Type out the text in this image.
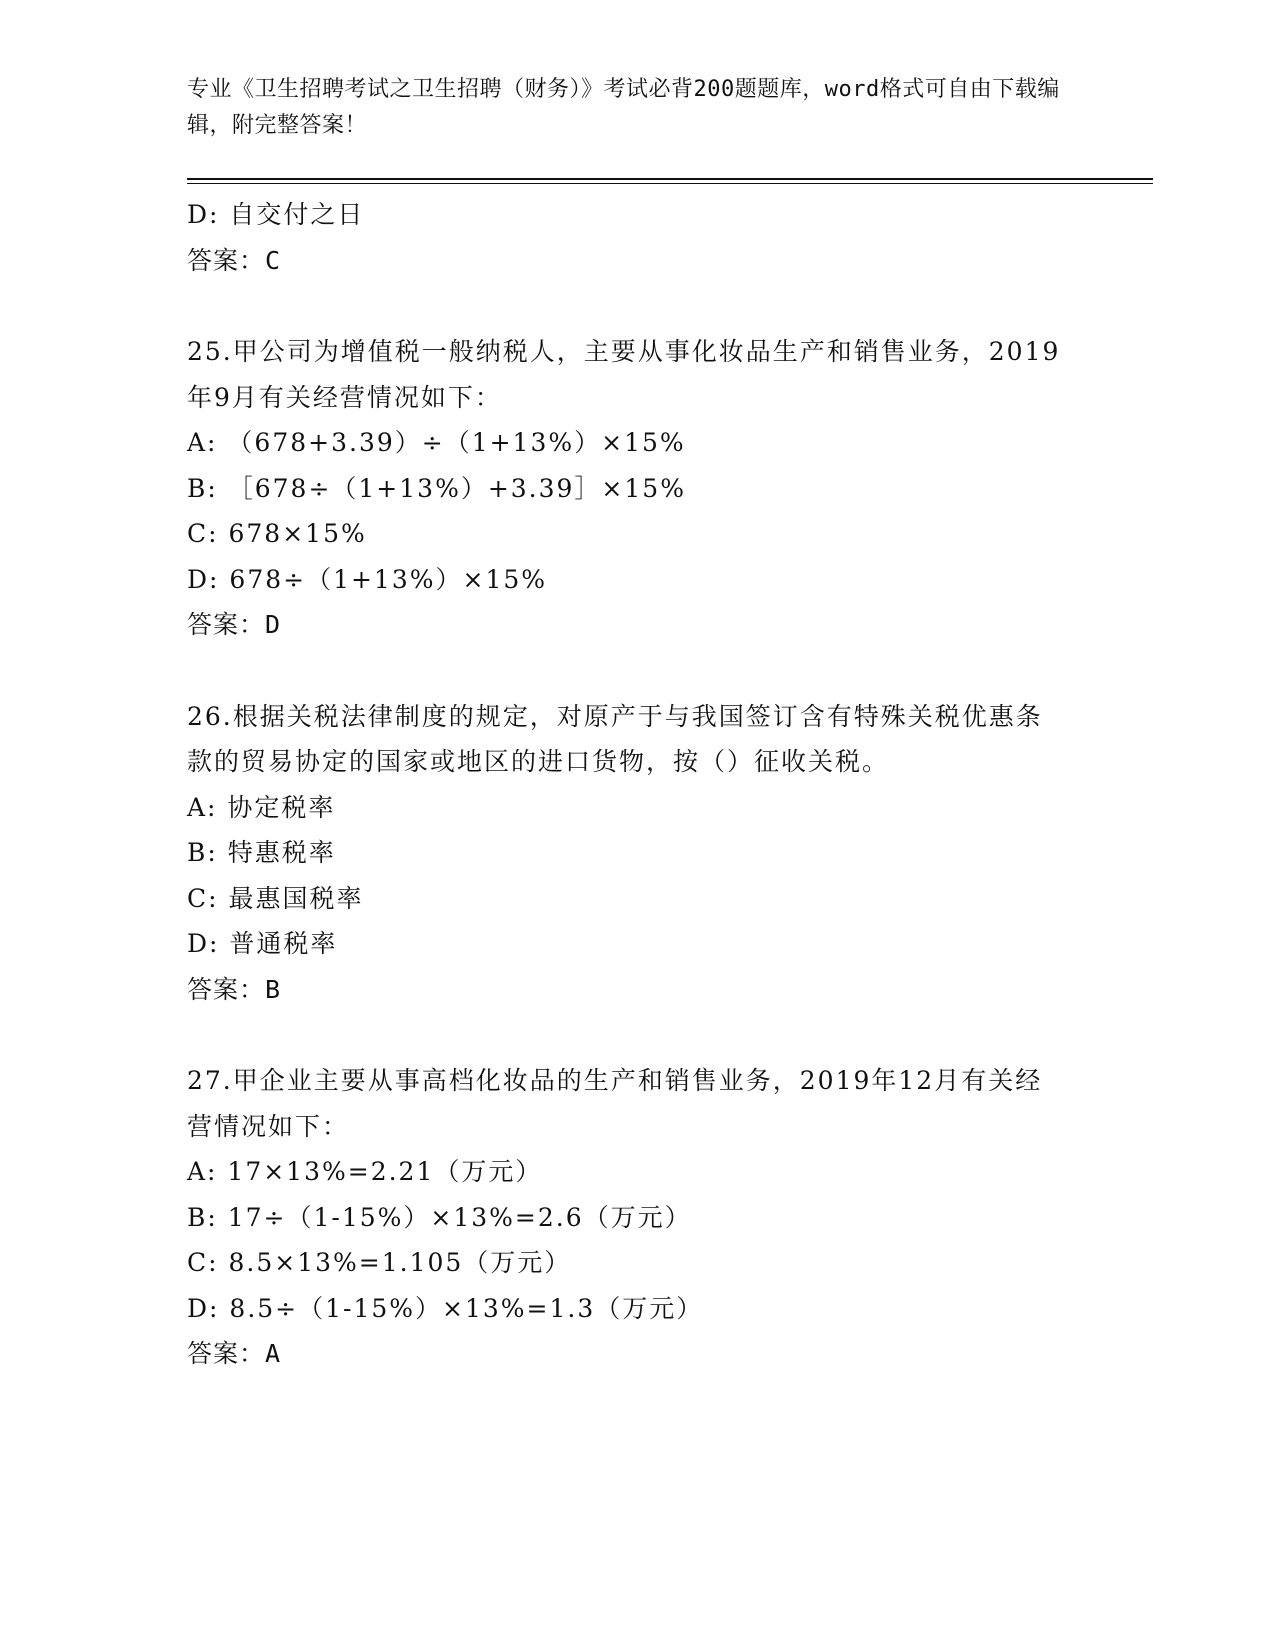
专业《卫生招聘考试之卫生招聘（财务）》考试必背200题题库，word格式可自由下载编辑，附完整答案！
D: 自交付之日
答案：C
25.甲公司为增值税一般纳税人，主要从事化妆品生产和销售业务，2019年9月有关经营情况如下：
A: （678+3.39）÷（1+13%）×15%
B: ［678÷（1+13%）+3.39］×15%
C: 678×15%
D: 678÷（1+13%）×15%
答案：D
26.根据关税法律制度的规定，对原产于与我国签订含有特殊关税优惠条款的贸易协定的国家或地区的进口货物，按（）征收关税。
A: 协定税率
B: 特惠税率
C: 最惠国税率
D: 普通税率
答案：B
27.甲企业主要从事高档化妆品的生产和销售业务，2019年12月有关经营情况如下：
A: 17×13%=2.21（万元）
B: 17÷（1-15%）×13%=2.6（万元）
C: 8.5×13%=1.105（万元）
D: 8.5÷（1-15%）×13%=1.3（万元）
答案：A
